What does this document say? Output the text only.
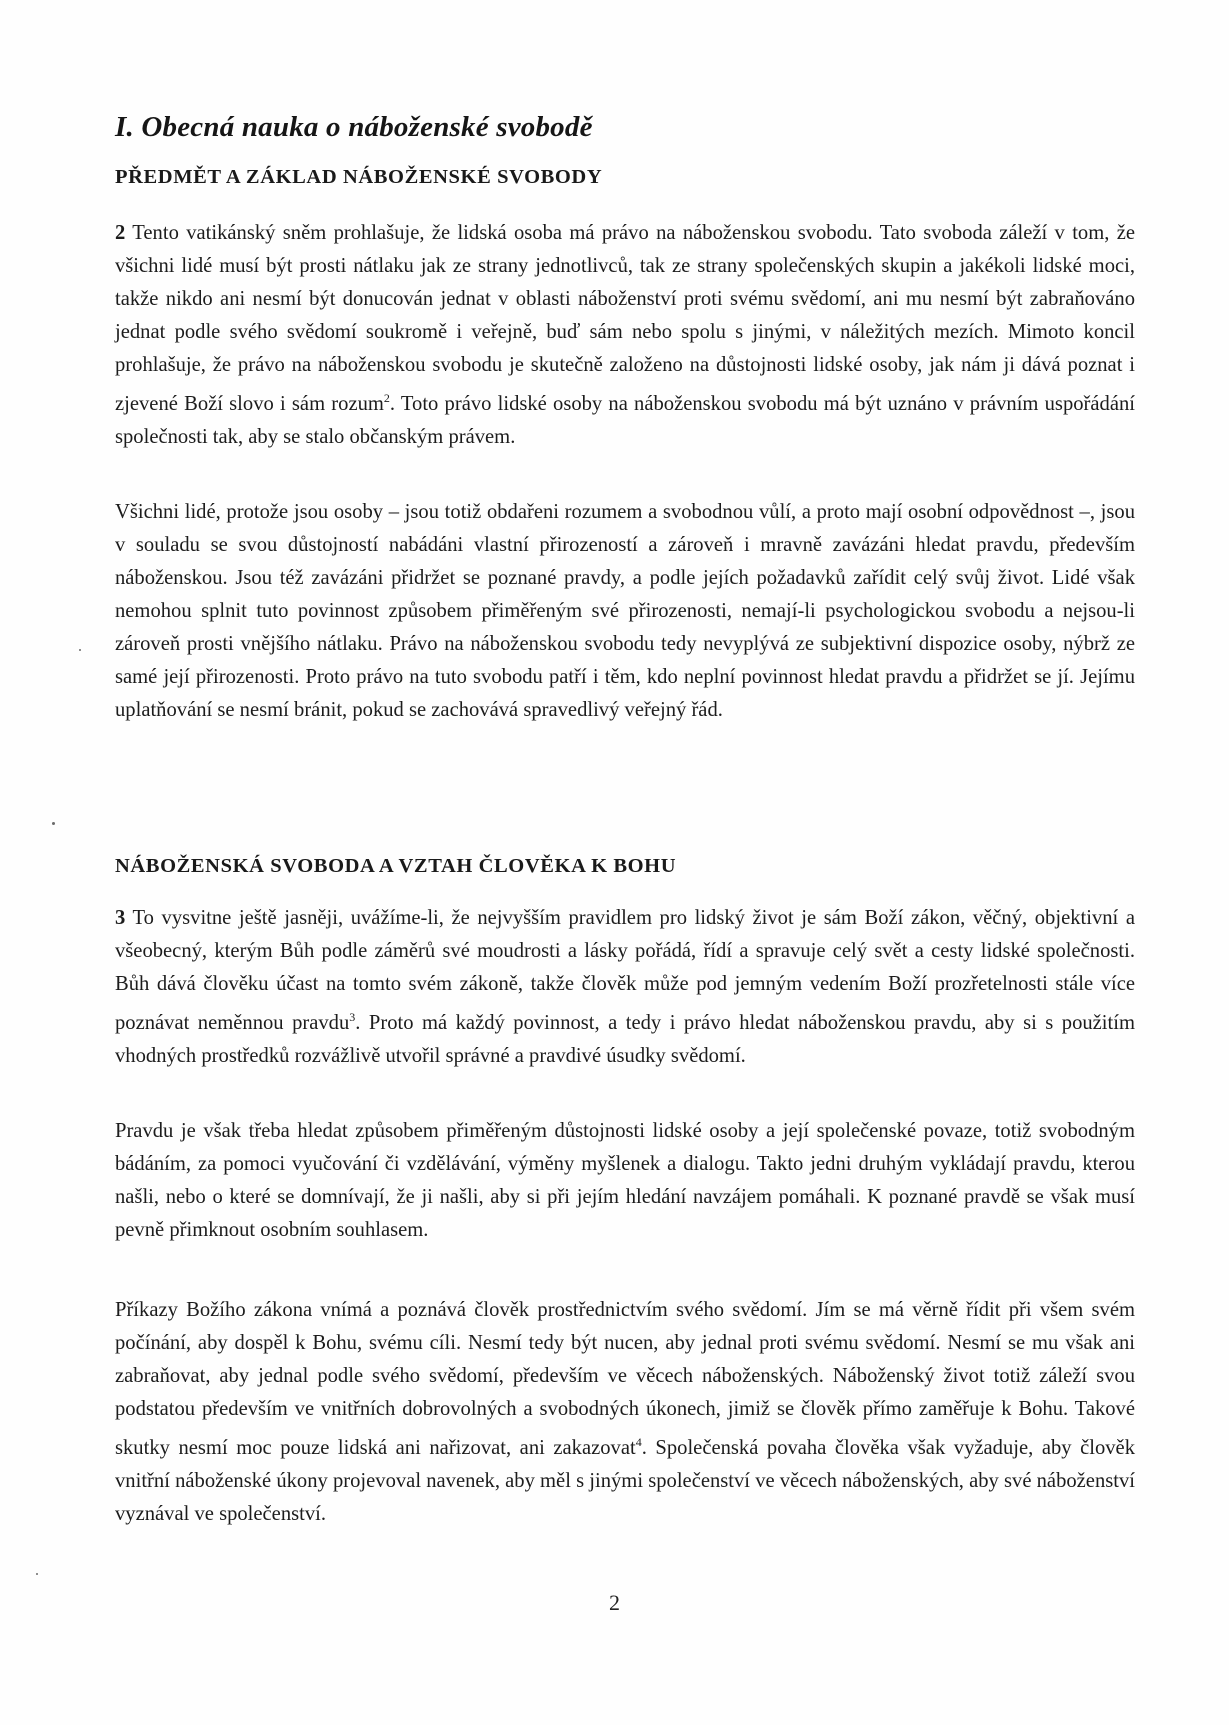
I. Obecná nauka o náboženské svobodě
PŘEDMĚT A ZÁKLAD NÁBOŽENSKÉ SVOBODY

2 Tento vatikánský sněm prohlašuje, že lidská osoba má právo na náboženskou svobodu. Tato svoboda záleží v tom, že všichni lidé musí být prosti nátlaku jak ze strany jednotlivců, tak ze strany společenských skupin a jakékoli lidské moci, takže nikdo ani nesmí být donucován jednat v oblasti náboženství proti svému svědomí, ani mu nesmí být zabraňováno jednat podle svého svědomí soukromě i veřejně, buď sám nebo spolu s jinými, v náležitých mezích. Mimoto koncil prohlašuje, že právo na náboženskou svobodu je skutečně založeno na důstojnosti lidské osoby, jak nám ji dává poznat i zjevené Boží slovo i sám rozum$^2$. Toto právo lidské osoby na náboženskou svobodu má být uznáno v právním uspořádání společnosti tak, aby se stalo občanským právem.

Všichni lidé, protože jsou osoby – jsou totiž obdařeni rozumem a svobodnou vůlí, a proto mají osobní odpovědnost –, jsou v souladu se svou důstojností nabádáni vlastní přirozeností a zároveň i mravně zavázáni hledat pravdu, především náboženskou. Jsou též zavázáni přidržet se poznané pravdy, a podle jejích požadavků zařídit celý svůj život. Lidé však nemohou splnit tuto povinnost způsobem přiměřeným své přirozenosti, nemají-li psychologickou svobodu a nejsou-li zároveň prosti vnějšího nátlaku. Právo na náboženskou svobodu tedy nevyplývá ze subjektivní dispozice osoby, nýbrž ze samé její přirozenosti. Proto právo na tuto svobodu patří i těm, kdo neplní povinnost hledat pravdu a přidržet se jí. Jejímu uplatňování se nesmí bránit, pokud se zachovává spravedlivý veřejný řád.

NÁBOŽENSKÁ SVOBODA A VZTAH ČLOVĚKA K BOHU

3 To vysvitne ještě jasněji, uvážíme-li, že nejvyšším pravidlem pro lidský život je sám Boží zákon, věčný, objektivní a všeobecný, kterým Bůh podle záměrů své moudrosti a lásky pořádá, řídí a spravuje celý svět a cesty lidské společnosti. Bůh dává člověku účast na tomto svém zákoně, takže člověk může pod jemným vedením Boží prozřetelnosti stále více poznávat neměnnou pravdu$^3$. Proto má každý povinnost, a tedy i právo hledat náboženskou pravdu, aby si s použitím vhodných prostředků rozvážlivě utvořil správné a pravdivé úsudky svědomí.

Pravdu je však třeba hledat způsobem přiměřeným důstojnosti lidské osoby a její společenské povaze, totiž svobodným bádáním, za pomoci vyučování či vzdělávání, výměny myšlenek a dialogu. Takto jedni druhým vykládají pravdu, kterou našli, nebo o které se domnívají, že ji našli, aby si při jejím hledání navzájem pomáhali. K poznané pravdě se však musí pevně přimknout osobním souhlasem.

Příkazy Božího zákona vnímá a poznává člověk prostřednictvím svého svědomí. Jím se má věrně řídit při všem svém počínání, aby dospěl k Bohu, svému cíli. Nesmí tedy být nucen, aby jednal proti svému svědomí. Nesmí se mu však ani zabraňovat, aby jednal podle svého svědomí, především ve věcech náboženských. Náboženský život totiž záleží svou podstatou především ve vnitřních dobrovolných a svobodných úkonech, jimiž se člověk přímo zaměřuje k Bohu. Takové skutky nesmí moc pouze lidská ani nařizovat, ani zakazovat$^4$. Společenská povaha člověka však vyžaduje, aby člověk vnitřní náboženské úkony projevoval navenek, aby měl s jinými společenství ve věcech náboženských, aby své náboženství vyznával ve společenství.

2
